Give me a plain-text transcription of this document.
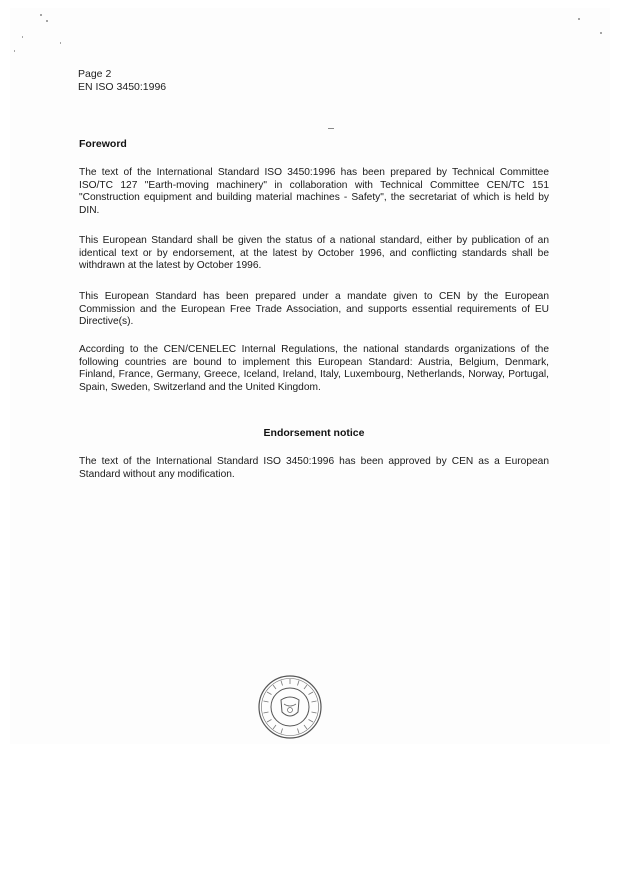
Page 2
EN ISO 3450:1996
Foreword

The text of the International Standard ISO 3450:1996 has been prepared by Technical Committee ISO/TC 127 "Earth-moving machinery" in collaboration with Technical Committee CEN/TC 151 "Construction equipment and building material machines - Safety", the secretariat of which is held by DIN.

This European Standard shall be given the status of a national standard, either by publication of an identical text or by endorsement, at the latest by October 1996, and conflicting standards shall be withdrawn at the latest by October 1996.

This European Standard has been prepared under a mandate given to CEN by the European Commission and the European Free Trade Association, and supports essential requirements of EU Directive(s).

According to the CEN/CENELEC Internal Regulations, the national standards organizations of the following countries are bound to implement this European Standard: Austria, Belgium, Denmark, Finland, France, Germany, Greece, Iceland, Ireland, Italy, Luxembourg, Netherlands, Norway, Portugal, Spain, Sweden, Switzerland and the United Kingdom.

Endorsement notice

The text of the International Standard ISO 3450:1996 has been approved by CEN as a European Standard without any modification.
